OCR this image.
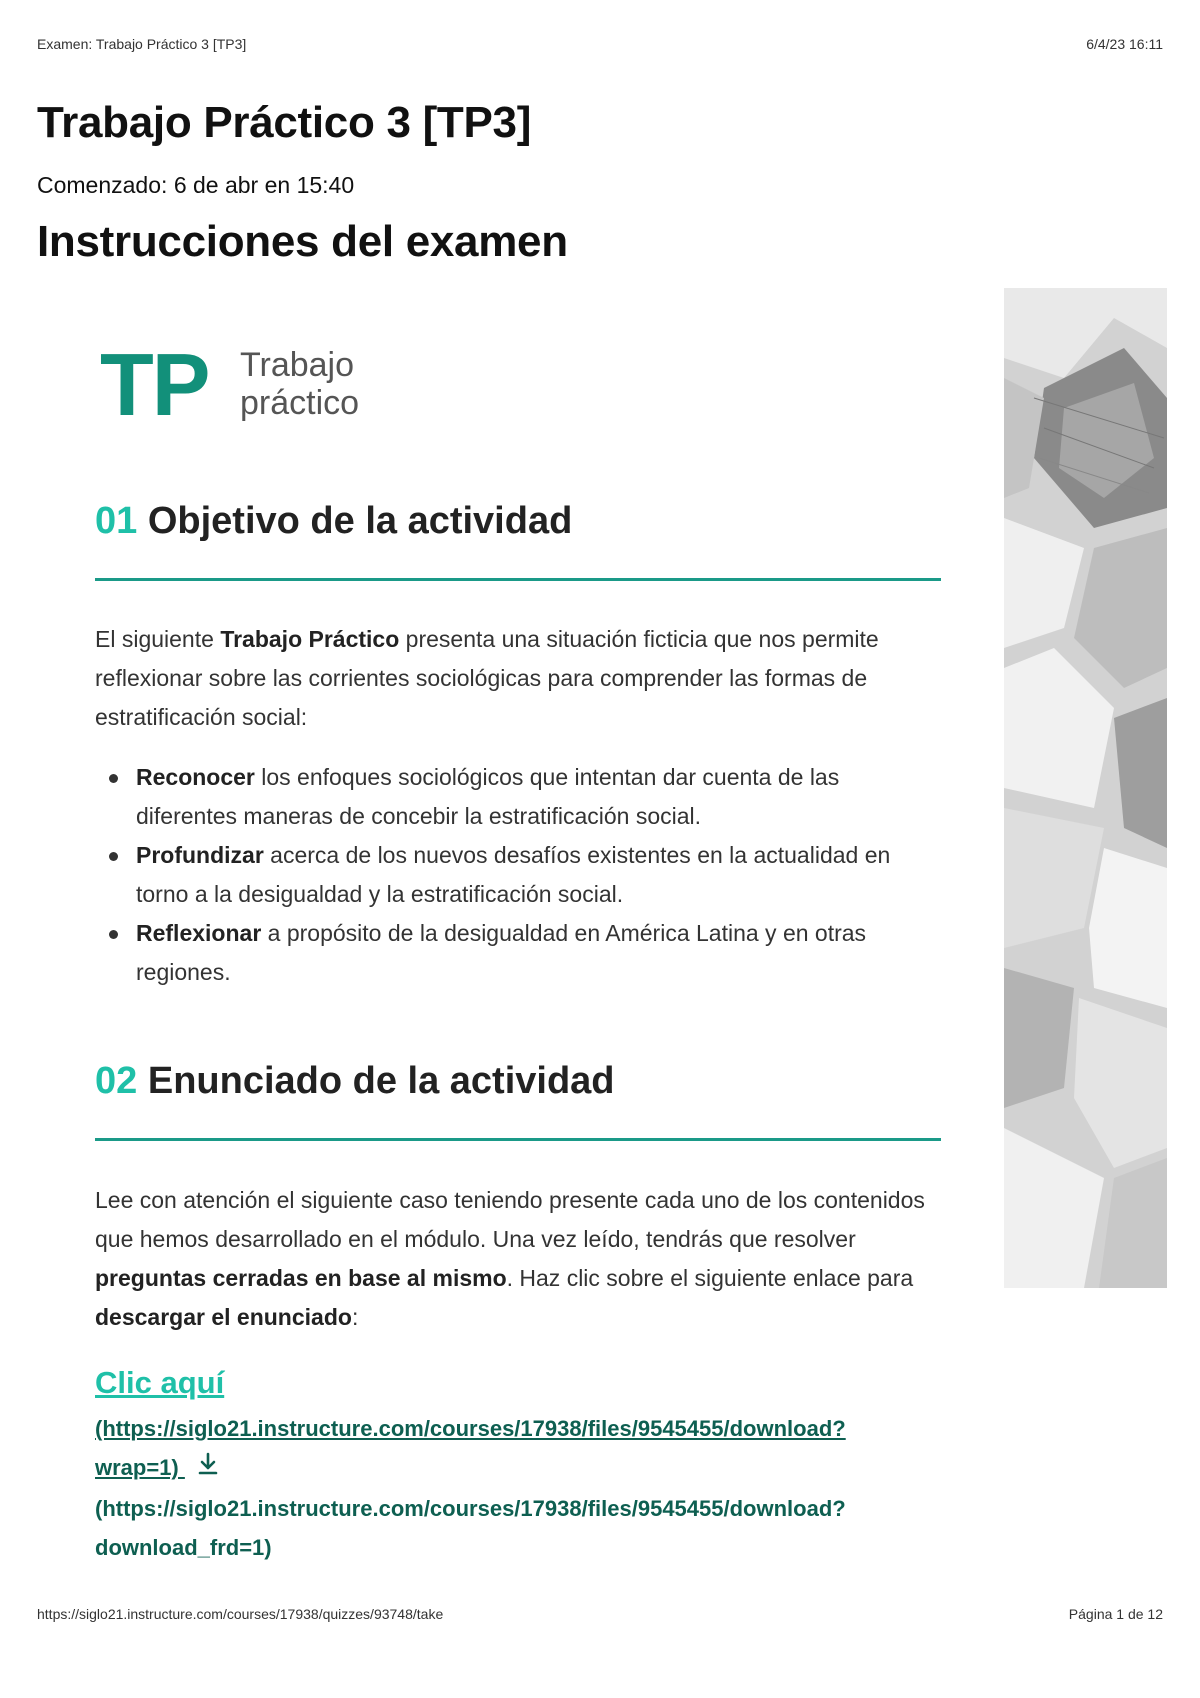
Examen: Trabajo Práctico 3 [TP3]	6/4/23 16:11
Trabajo Práctico 3 [TP3]
Comenzado: 6 de abr en 15:40
Instrucciones del examen
TP Trabajo
práctico
01 Objetivo de la actividad

El siguiente Trabajo Práctico presenta una situación ficticia que nos permite reflexionar sobre las corrientes sociológicas para comprender las formas de estratificación social:

Reconocer los enfoques sociológicos que intentan dar cuenta de las diferentes maneras de concebir la estratificación social.
Profundizar acerca de los nuevos desafíos existentes en la actualidad en torno a la desigualdad y la estratificación social.
Reflexionar a propósito de la desigualdad en América Latina y en otras regiones.
02 Enunciado de la actividad

Lee con atención el siguiente caso teniendo presente cada uno de los contenidos que hemos desarrollado en el módulo. Una vez leído, tendrás que resolver preguntas cerradas en base al mismo. Haz clic sobre el siguiente enlace para descargar el enunciado:

Clic aquí
(https://siglo21.instructure.com/courses/17938/files/9545455/download?
wrap=1)
(https://siglo21.instructure.com/courses/17938/files/9545455/download?
download_frd=1)
https://siglo21.instructure.com/courses/17938/quizzes/93748/take	Página 1 de 12
